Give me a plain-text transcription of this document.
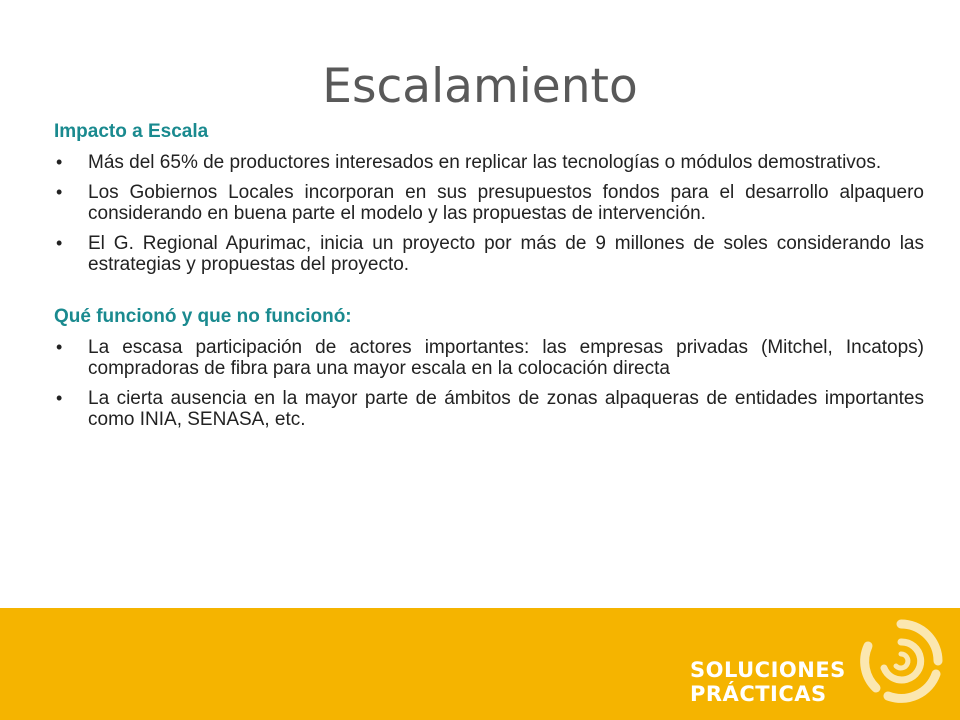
Escalamiento
Impacto a Escala
• Más del 65% de productores interesados en replicar las tecnologías o módulos demostrativos.
• Los Gobiernos Locales incorporan en sus presupuestos fondos para el desarrollo alpaquero considerando en buena parte el modelo y las propuestas de intervención.
• El G. Regional Apurimac, inicia un proyecto por más de 9 millones de soles considerando las estrategias y propuestas del proyecto.
Qué funcionó y que no funcionó:
• La escasa participación de actores importantes: las empresas privadas (Mitchel, Incatops) compradoras de fibra para una mayor escala en la colocación directa
• La cierta ausencia en la mayor parte de ámbitos de zonas alpaqueras de entidades importantes como INIA, SENASA, etc.
SOLUCIONES PRÁCTICAS
